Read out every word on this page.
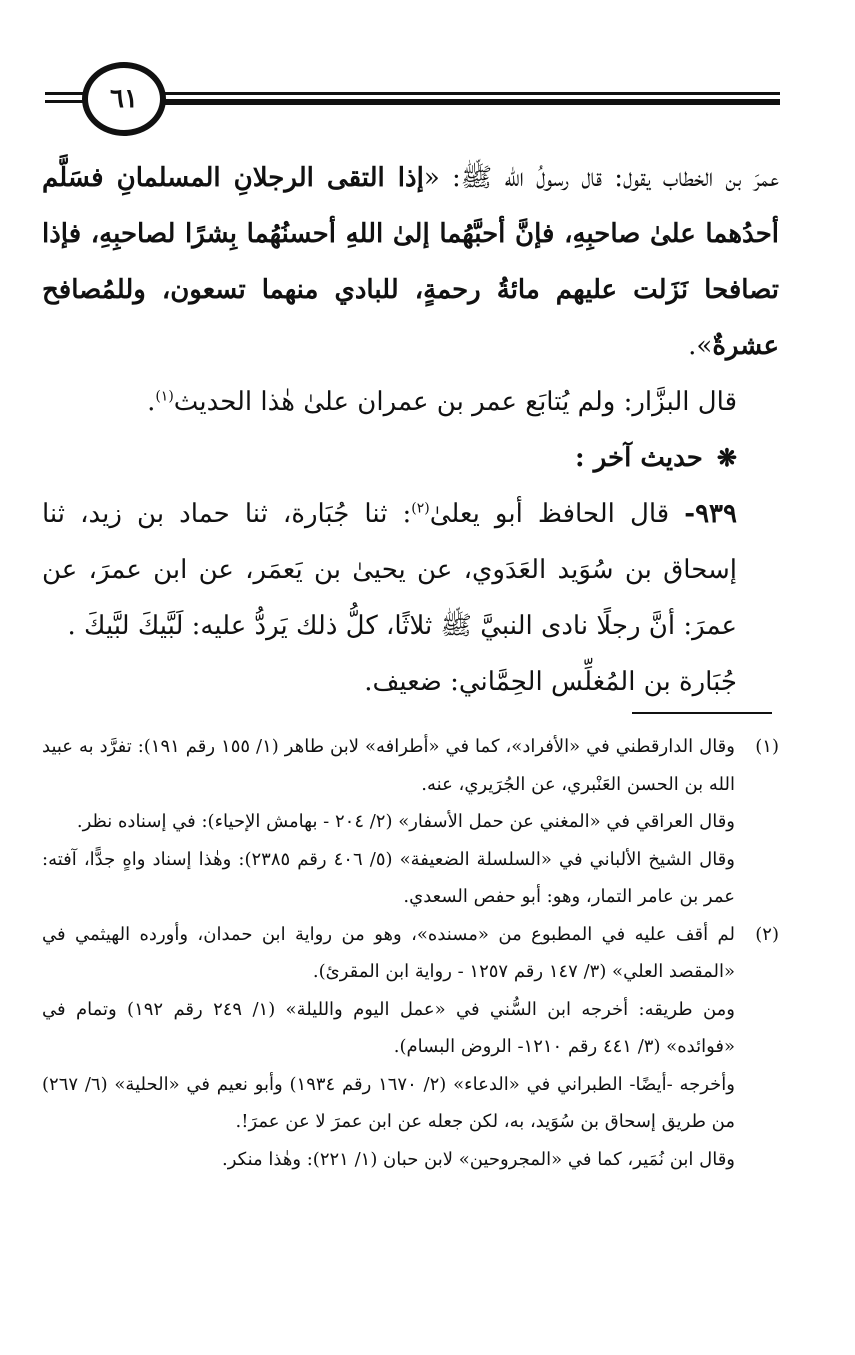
٦١

عمرَ بن الخطاب يقول: قال رسولُ الله ﷺ: «إذا التقى الرجلانِ المسلمانِ فسَلَّم أحدُهما علىٰ صاحبِهِ، فإنَّ أحبَّهُما إلىٰ اللهِ أحسنُهُما بِشرًا لصاحبِهِ، فإذا تصافحا نَزَلت عليهم مائةُ رحمةٍ، للبادي منهما تسعون، وللمُصافح عشرةٌ».

قال البزَّار: ولم يُتابَع عمر بن عمران علىٰ هٰذا الحديث$^{(١)}$.

❋حديث آخر :

٩٣٩- قال الحافظ أبو يعلىٰ$^{(٢)}$: ثنا جُبَارة، ثنا حماد بن زيد، ثنا إسحاق بن سُوَيد العَدَوي، عن يحيىٰ بن يَعمَر، عن ابن عمرَ، عن عمرَ: أنَّ رجلًا نادى النبيَّ ﷺ ثلاثًا، كلُّ ذلك يَردُّ عليه: لَبَّيكَ لبَّيكَ .

جُبَارة بن المُغلِّس الحِمَّاني: ضعيف.

(١)

وقال الدارقطني في «الأفراد»، كما في «أطرافه» لابن طاهر (١/ ١٥٥ رقم ١٩١): تفرَّد به عبيد الله بن الحسن العَنْبري، عن الجُرَيري، عنه.

وقال العراقي في «المغني عن حمل الأسفار» (٢/ ٢٠٤ - بهامش الإحياء): في إسناده نظر.

وقال الشيخ الألباني في «السلسلة الضعيفة» (٥/ ٤٠٦ رقم ٢٣٨٥): وهٰذا إسناد واهٍ جدًّا، آفته: عمر بن عامر التمار، وهو: أبو حفص السعدي.

(٢)

لم أقف عليه في المطبوع من «مسنده»، وهو من رواية ابن حمدان، وأورده الهيثمي في «المقصد العلي» (٣/ ١٤٧ رقم ١٢٥٧ - رواية ابن المقرئ).

ومن طريقه: أخرجه ابن السُّني في «عمل اليوم والليلة» (١/ ٢٤٩ رقم ١٩٢) وتمام في «فوائده» (٣/ ٤٤١ رقم ١٢١٠- الروض البسام).

وأخرجه -أيضًا- الطبراني في «الدعاء» (٢/ ١٦٧٠ رقم ١٩٣٤) وأبو نعيم في «الحلية» (٦/ ٢٦٧) من طريق إسحاق بن سُوَيد، به، لكن جعله عن ابن عمرَ لا عن عمرَ!.

وقال ابن نُمَير، كما في «المجروحين» لابن حبان (١/ ٢٢١): وهٰذا منكر.
